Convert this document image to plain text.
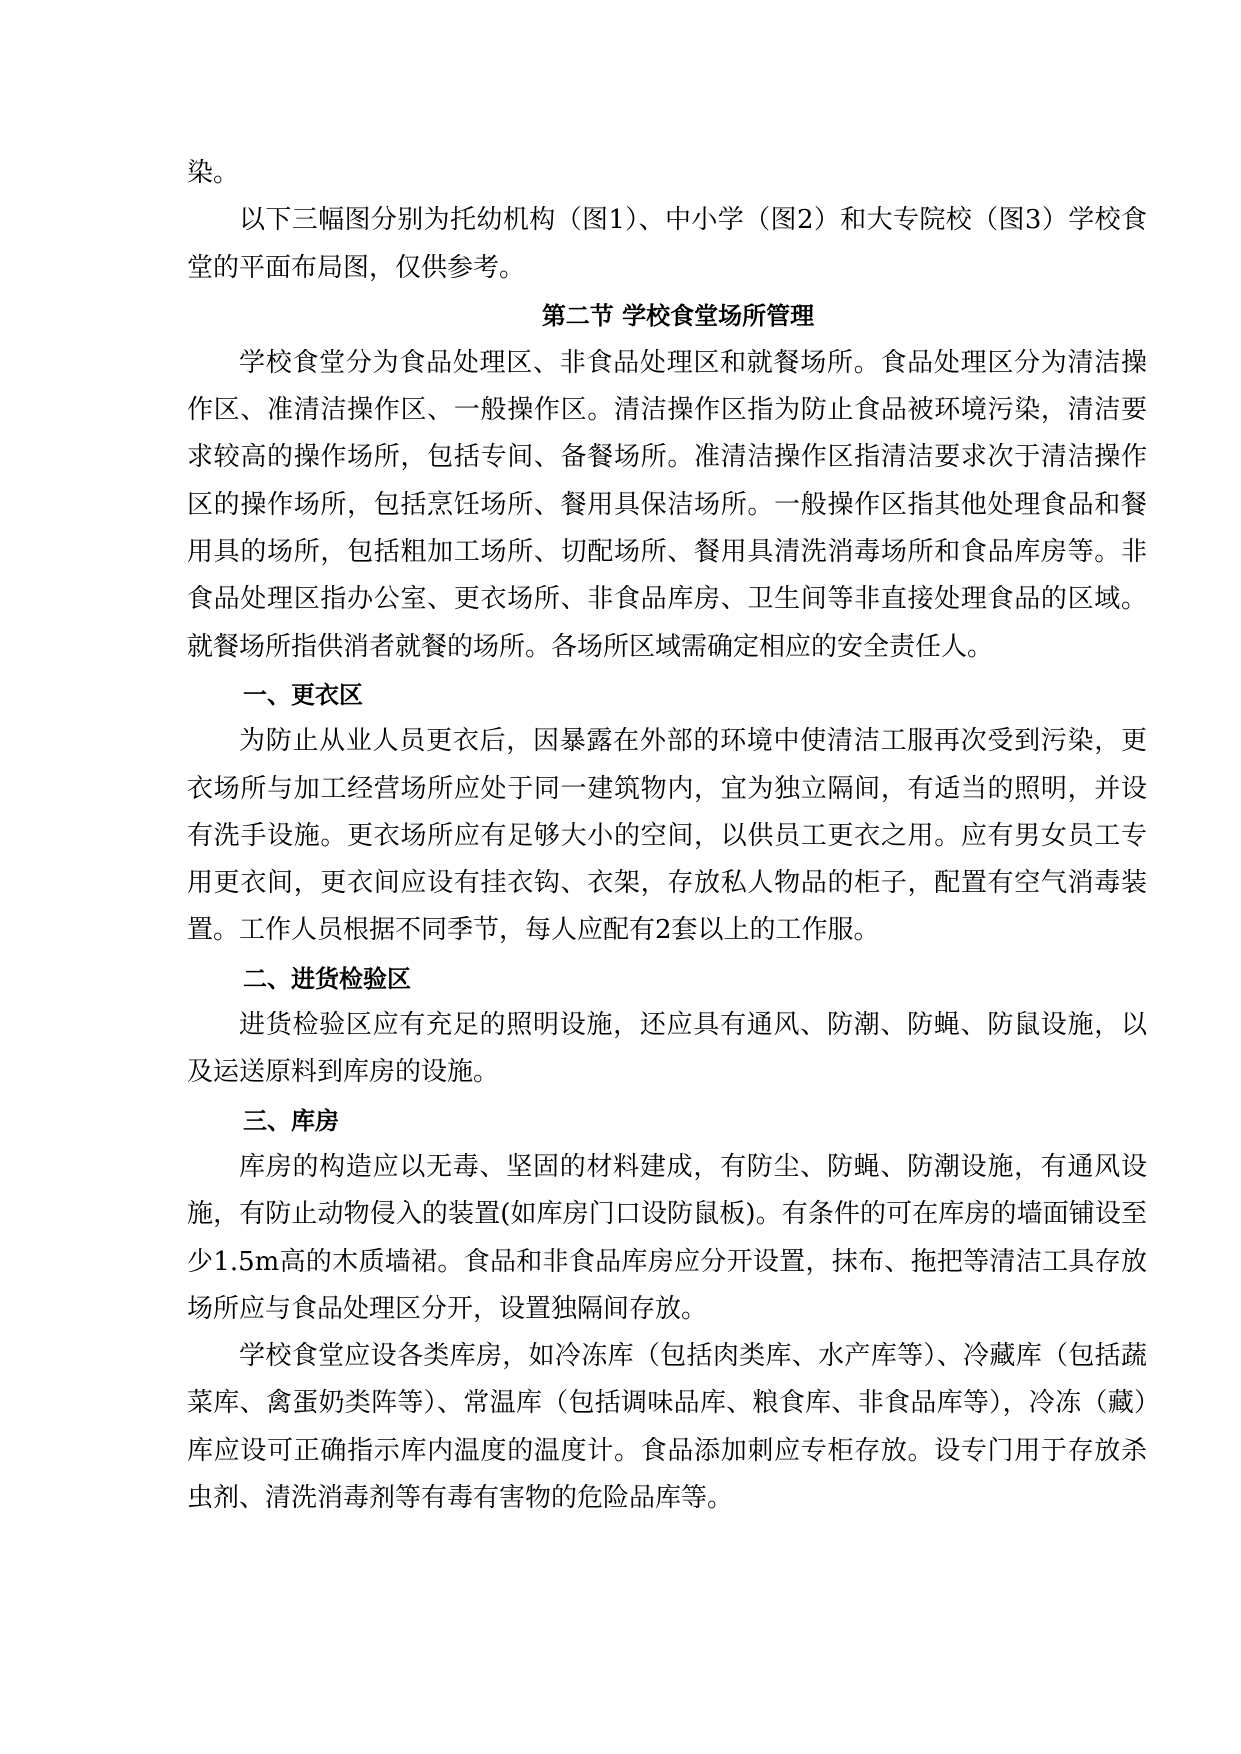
染。

以下三幅图分别为托幼机构（图1）、中小学（图2）和大专院校（图3）学校食堂的平面布局图，仅供参考。

第二节 学校食堂场所管理

学校食堂分为食品处理区、非食品处理区和就餐场所。食品处理区分为清洁操作区、准清洁操作区、一般操作区。清洁操作区指为防止食品被环境污染，清洁要求较高的操作场所，包括专间、备餐场所。准清洁操作区指清洁要求次于清洁操作区的操作场所，包括烹饪场所、餐用具保洁场所。一般操作区指其他处理食品和餐用具的场所，包括粗加工场所、切配场所、餐用具清洗消毒场所和食品库房等。非食品处理区指办公室、更衣场所、非食品库房、卫生间等非直接处理食品的区域。就餐场所指供消者就餐的场所。各场所区域需确定相应的安全责任人。

一、更衣区

为防止从业人员更衣后，因暴露在外部的环境中使清洁工服再次受到污染，更衣场所与加工经营场所应处于同一建筑物内，宜为独立隔间，有适当的照明，并设有洗手设施。更衣场所应有足够大小的空间，以供员工更衣之用。应有男女员工专用更衣间，更衣间应设有挂衣钩、衣架，存放私人物品的柜子，配置有空气消毒装置。工作人员根据不同季节，每人应配有2套以上的工作服。

二、进货检验区

进货检验区应有充足的照明设施，还应具有通风、防潮、防蝇、防鼠设施，以及运送原料到库房的设施。

三、库房

库房的构造应以无毒、坚固的材料建成，有防尘、防蝇、防潮设施，有通风设施，有防止动物侵入的装置(如库房门口设防鼠板)。有条件的可在库房的墙面铺设至少1.5m高的木质墙裙。食品和非食品库房应分开设置，抹布、拖把等清洁工具存放场所应与食品处理区分开，设置独隔间存放。

学校食堂应设各类库房，如冷冻库（包括肉类库、水产库等）、冷藏库（包括蔬菜库、禽蛋奶类阵等）、常温库（包括调味品库、粮食库、非食品库等），冷冻（藏）库应设可正确指示库内温度的温度计。食品添加刺应专柜存放。设专门用于存放杀虫剂、清洗消毒剂等有毒有害物的危险品库等。
